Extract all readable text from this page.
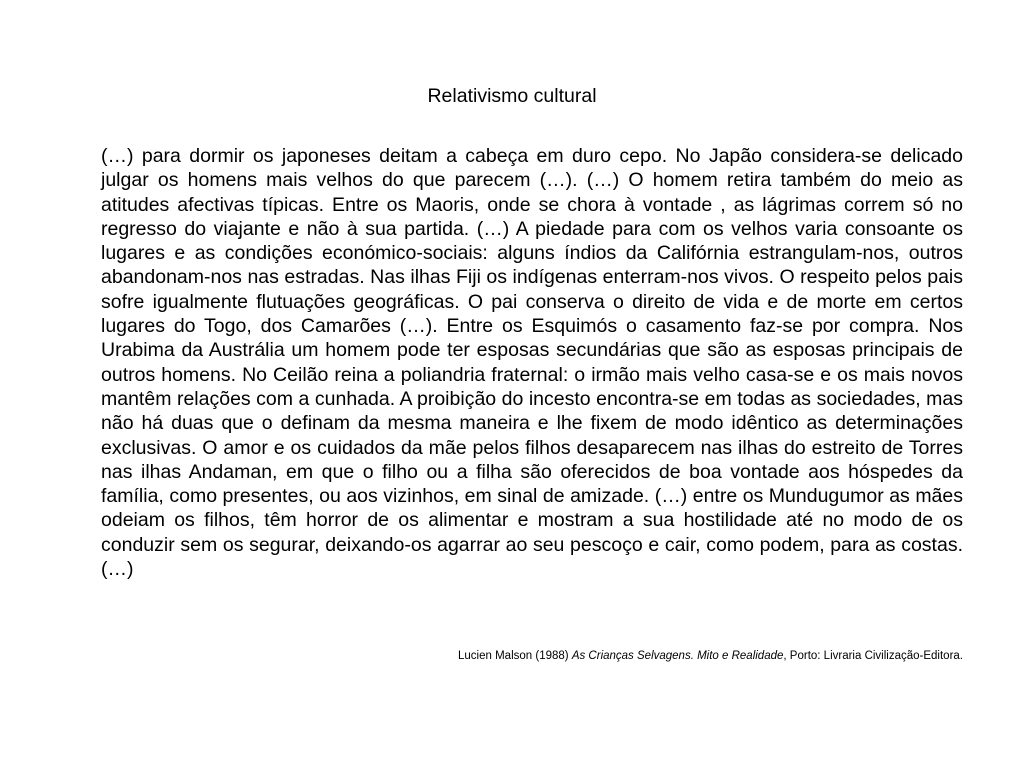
Relativismo cultural

(…) para dormir os japoneses deitam a cabeça em duro cepo. No Japão considera-se delicado julgar os homens mais velhos do que parecem (…). (…) O homem retira também do meio as atitudes afectivas típicas. Entre os Maoris, onde se chora à vontade , as lágrimas correm só no regresso do viajante e não à sua partida. (…) A piedade para com os velhos varia consoante os lugares e as condições económico-sociais: alguns índios da Califórnia estrangulam-nos, outros abandonam-nos nas estradas. Nas ilhas Fiji os indígenas enterram-nos vivos. O respeito pelos pais sofre igualmente flutuações geográficas. O pai conserva o direito de vida e de morte em certos lugares do Togo, dos Camarões (…). Entre os Esquimós o casamento faz-se por compra. Nos Urabima da Austrália um homem pode ter esposas secundárias que são as esposas principais de outros homens. No Ceilão reina a poliandria fraternal: o irmão mais velho casa-se e os mais novos mantêm relações com a cunhada. A proibição do incesto encontra-se em todas as sociedades, mas não há duas que o definam da mesma maneira e lhe fixem de modo idêntico as determinações exclusivas. O amor e os cuidados da mãe pelos filhos desaparecem nas ilhas do estreito de Torres nas ilhas Andaman, em que o filho ou a filha são oferecidos de boa vontade aos hóspedes da família, como presentes, ou aos vizinhos, em sinal de amizade. (…) entre os Mundugumor as mães odeiam os filhos, têm horror de os alimentar e mostram a sua hostilidade até no modo de os conduzir sem os segurar, deixando-os agarrar ao seu pescoço e cair, como podem, para as costas. (…)

Lucien Malson (1988) As Crianças Selvagens. Mito e Realidade, Porto: Livraria Civilização-Editora.
